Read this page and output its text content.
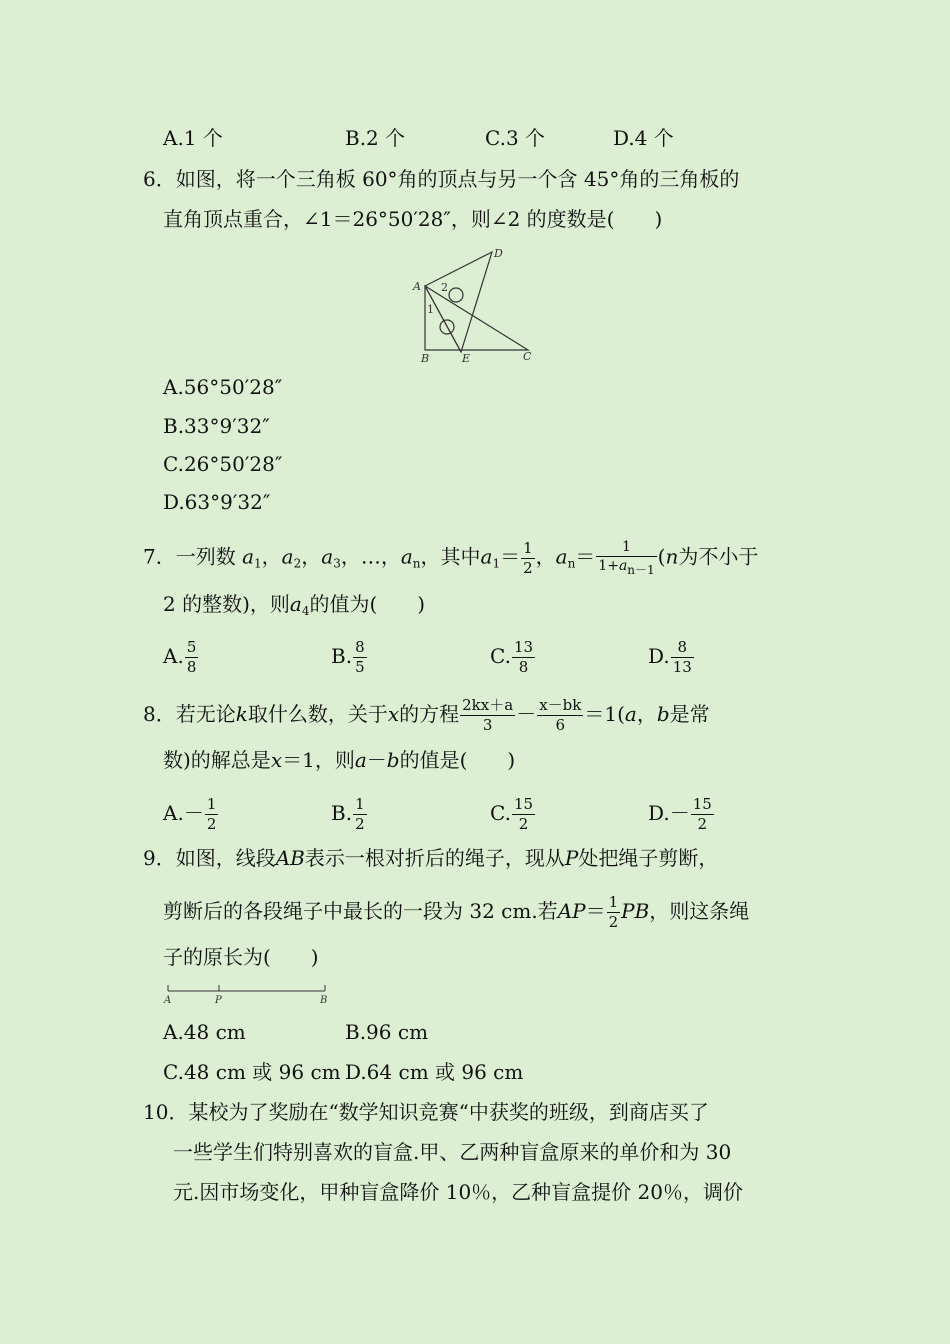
A.1 个	B.2 个	C.3 个	D.4 个
6．如图，将一个三角板 60°角的顶点与另一个含 45°角的三角板的
直角顶点重合，∠1＝26°50′28″，则∠2 的度数是(　　)
A
D
B	E	C
2
1
A.56°50′28″
B.33°9′32″
C.26°50′28″
D.63°9′32″
7．一列数 $a_1$，$a_2$，$a_3$，…，$a_n$，其中$a_1= \frac{1}{2}$ ，$a_n= \frac{1}{1+a_{n-1}} (n$为不小于
2 的整数)，则$a_4$的值为(　　)
A. $\frac{5}{8}$	B. $\frac{8}{5}$	C. $\frac{13}{8}$	D. $\frac{8}{13}$
8．若无论k取什么数，关于x的方程 $\frac{2kx+a}{3} - \frac{x-bk}{6} =1(a$，b是常
数)的解总是x＝1，则a－b的值是(　　)
$A.- \frac{1}{2}$	B. $\frac{1}{2}$	C. $\frac{15}{2}$	$D.- \frac{15}{2}$
9．如图，线段AB表示一根对折后的绳子，现从P处把绳子剪断，
剪断后的各段绳子中最长的一段为 32 cm.若$AP= \frac{1}{2}$ PB，则这条绳
子的原长为(　　)
A	P	B
A.48 cm	B.96 cm
C.48 cm 或 96 cm D.64 cm 或 96 cm
10．某校为了奖励在“数学知识竞赛“中获奖的班级，到商店买了
一些学生们特别喜欢的盲盒.甲、乙两种盲盒原来的单价和为 30
元.因市场变化，甲种盲盒降价 10％，乙种盲盒提价 20％，调价
